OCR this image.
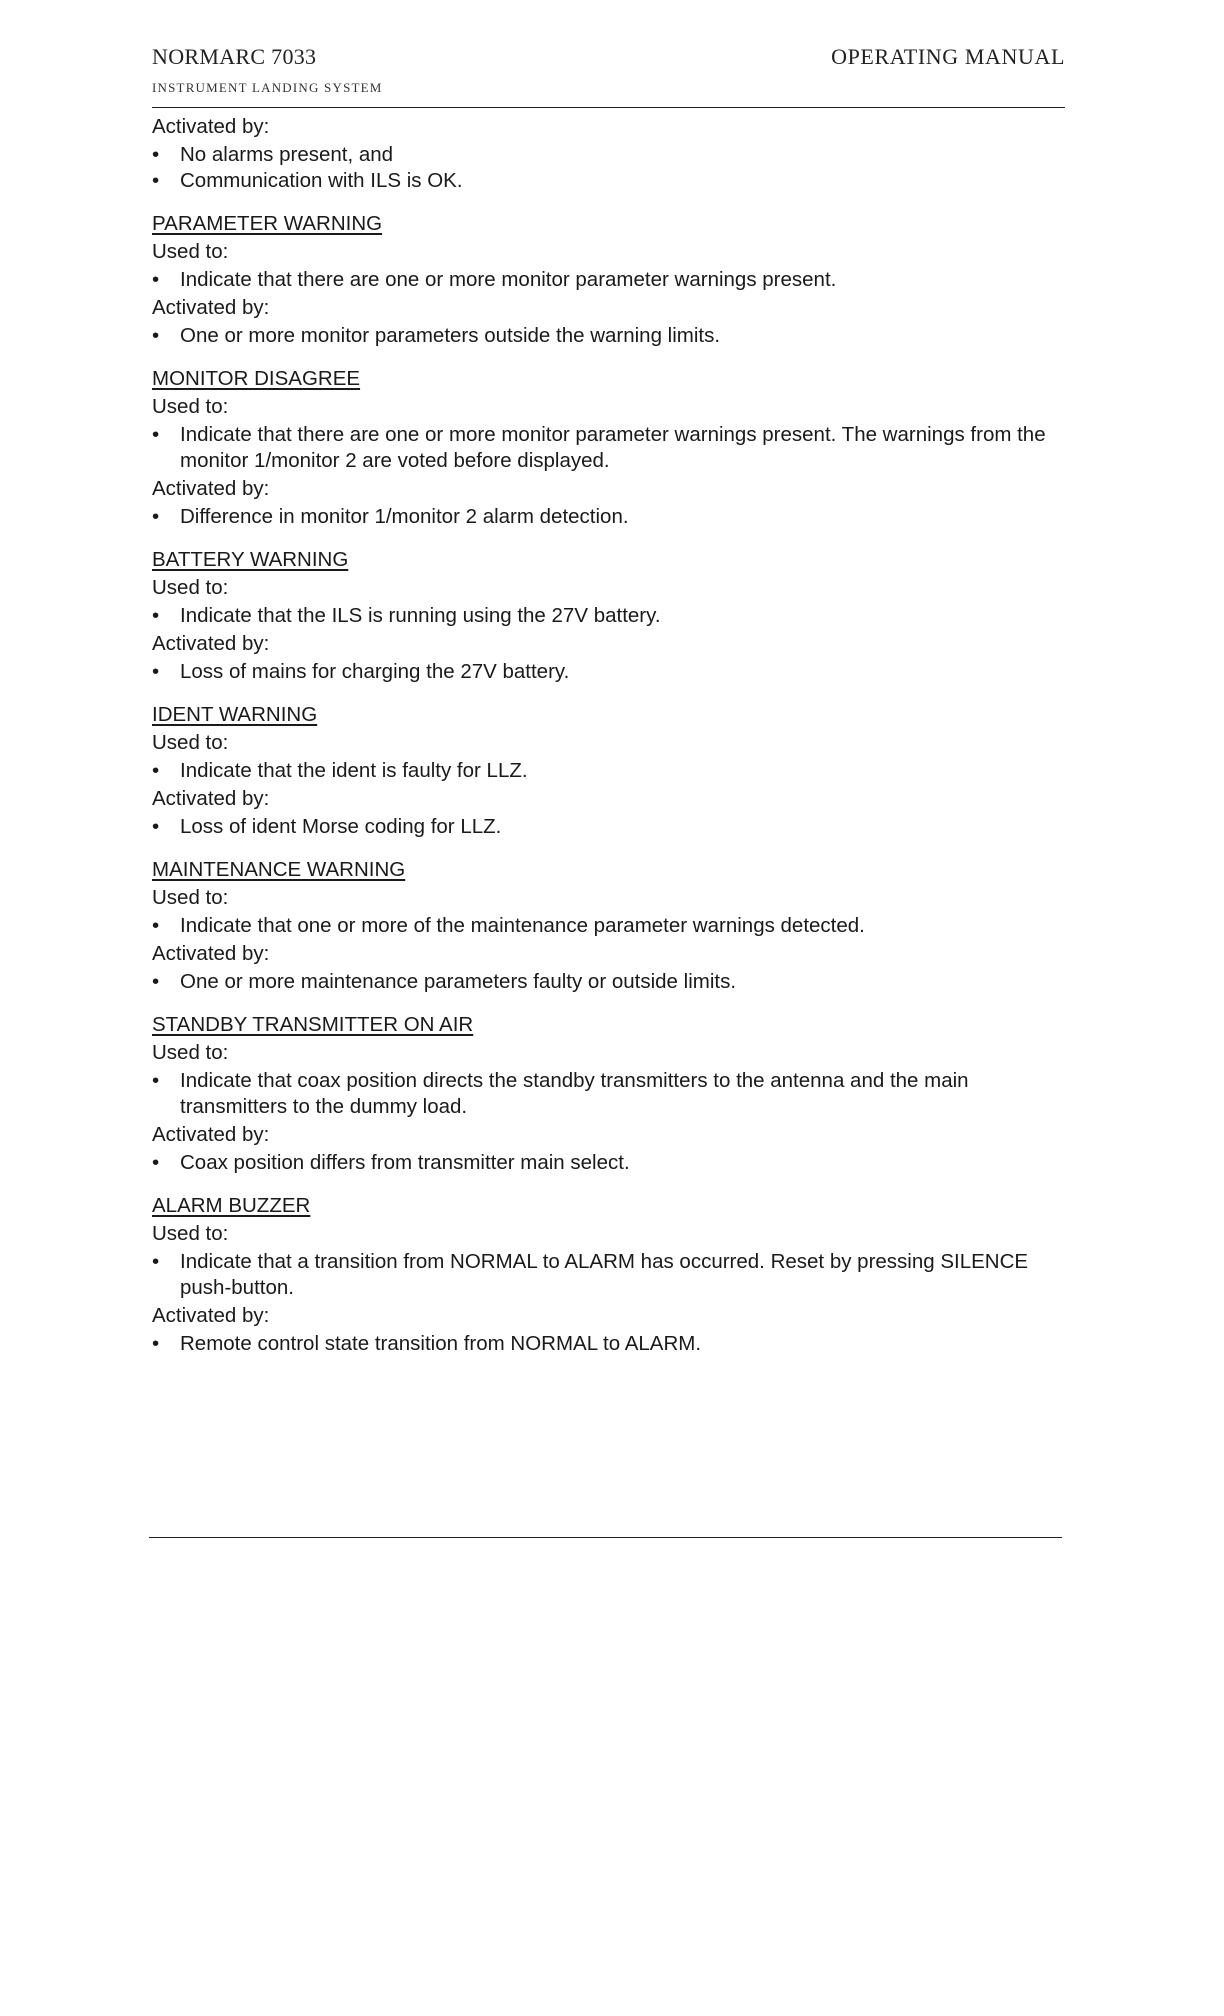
NORMARC 7033
INSTRUMENT LANDING SYSTEM
OPERATING MANUAL
Activated by:
• No alarms present, and
• Communication with ILS is OK.
PARAMETER WARNING
Used to:
• Indicate that there are one or more monitor parameter warnings present.
Activated by:
• One or more monitor parameters outside the warning limits.
MONITOR DISAGREE
Used to:
• Indicate that there are one or more monitor parameter warnings present. The warnings from the monitor 1/monitor 2 are voted before displayed.
Activated by:
• Difference in monitor 1/monitor 2 alarm detection.
BATTERY WARNING
Used to:
• Indicate that the ILS is running using the 27V battery.
Activated by:
• Loss of mains for charging the 27V battery.
IDENT WARNING
Used to:
• Indicate that the ident is faulty for LLZ.
Activated by:
• Loss of ident Morse coding for LLZ.
MAINTENANCE WARNING
Used to:
• Indicate that one or more of the maintenance parameter warnings detected.
Activated by:
• One or more maintenance parameters faulty or outside limits.
STANDBY TRANSMITTER ON AIR
Used to:
• Indicate that coax position directs the standby transmitters to the antenna and the main transmitters to the dummy load.
Activated by:
• Coax position differs from transmitter main select.
ALARM BUZZER
Used to:
• Indicate that a transition from NORMAL to ALARM has occurred. Reset by pressing SILENCE push-button.
Activated by:
• Remote control state transition from NORMAL to ALARM.
